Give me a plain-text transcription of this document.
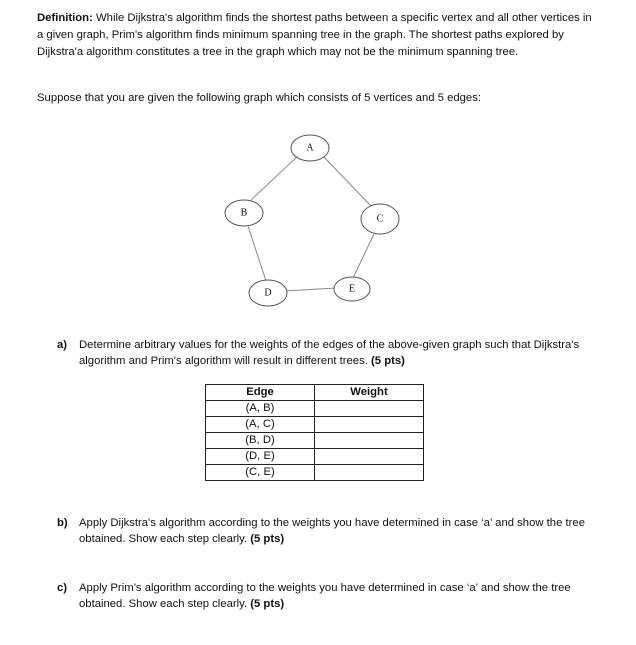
Definition: While Dijkstra's algorithm finds the shortest paths between a specific vertex and all other vertices in a given graph, Prim's algorithm finds minimum spanning tree in the graph. The shortest paths explored by Dijkstra'a algorithm constitutes a tree in the graph which may not be the minimum spanning tree.
Suppose that you are given the following graph which consists of 5 vertices and 5 edges:
A
B
C
D	E
a) Determine arbitrary values for the weights of the edges of the above-given graph such that Dijkstra's algorithm and Prim's algorithm will result in different trees. (5 pts)
Edge	Weight
(A, B)	
(A, C)	
(B, D)	
(D, E)	
(C, E)	
b) Apply Dijkstra's algorithm according to the weights you have determined in case ‘a’ and show the tree obtained. Show each step clearly. (5 pts)
c) Apply Prim’s algorithm according to the weights you have determined in case ‘a’ and show the tree obtained. Show each step clearly. (5 pts)
